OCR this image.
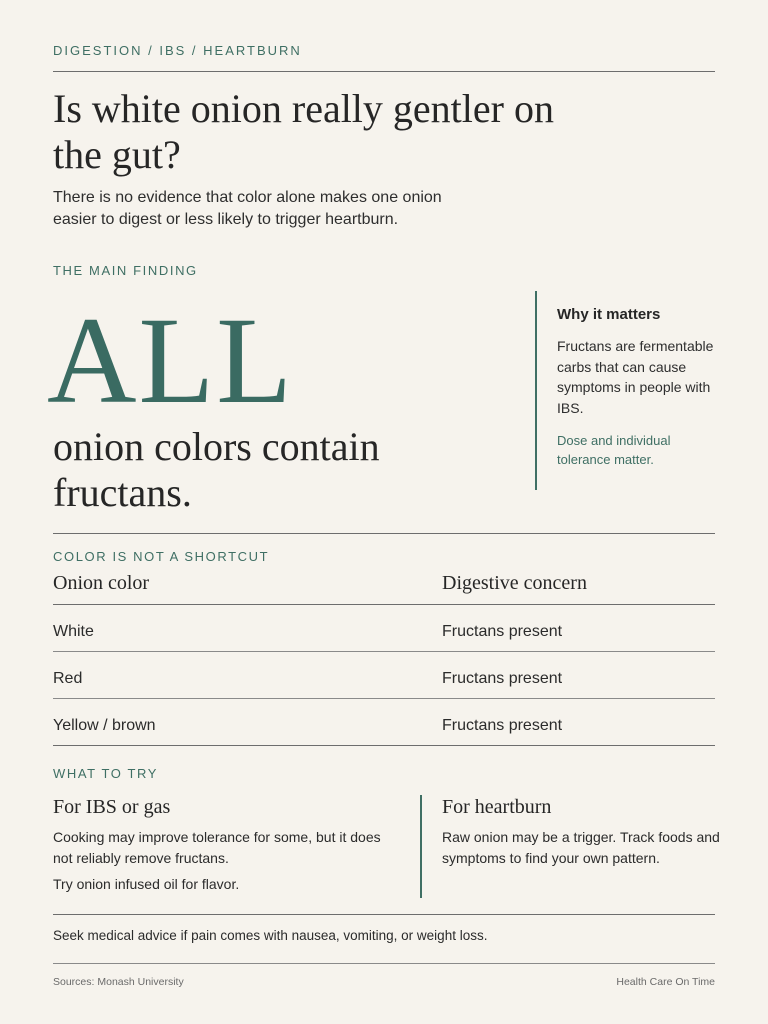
DIGESTION / IBS / HEARTBURN
Is white onion really gentler on the gut?

There is no evidence that color alone makes one onion easier to digest or less likely to trigger heartburn.

THE MAIN FINDING
ALL

onion colors contain fructans.

Why it matters

Fructans are fermentable carbs that can cause symptoms in people with IBS.

Dose and individual tolerance matter.

COLOR IS NOT A SHORTCUT
Onion color	Digestive concern
White	Fructans present
Red	Fructans present
Yellow / brown	Fructans present
WHAT TO TRY

For IBS or gas

Cooking may improve tolerance for some, but it does not reliably remove fructans.

Try onion infused oil for flavor.

For heartburn

Raw onion may be a trigger. Track foods and symptoms to find your own pattern.

Seek medical advice if pain comes with nausea, vomiting, or weight loss.
Sources: Monash University	Health Care On Time
